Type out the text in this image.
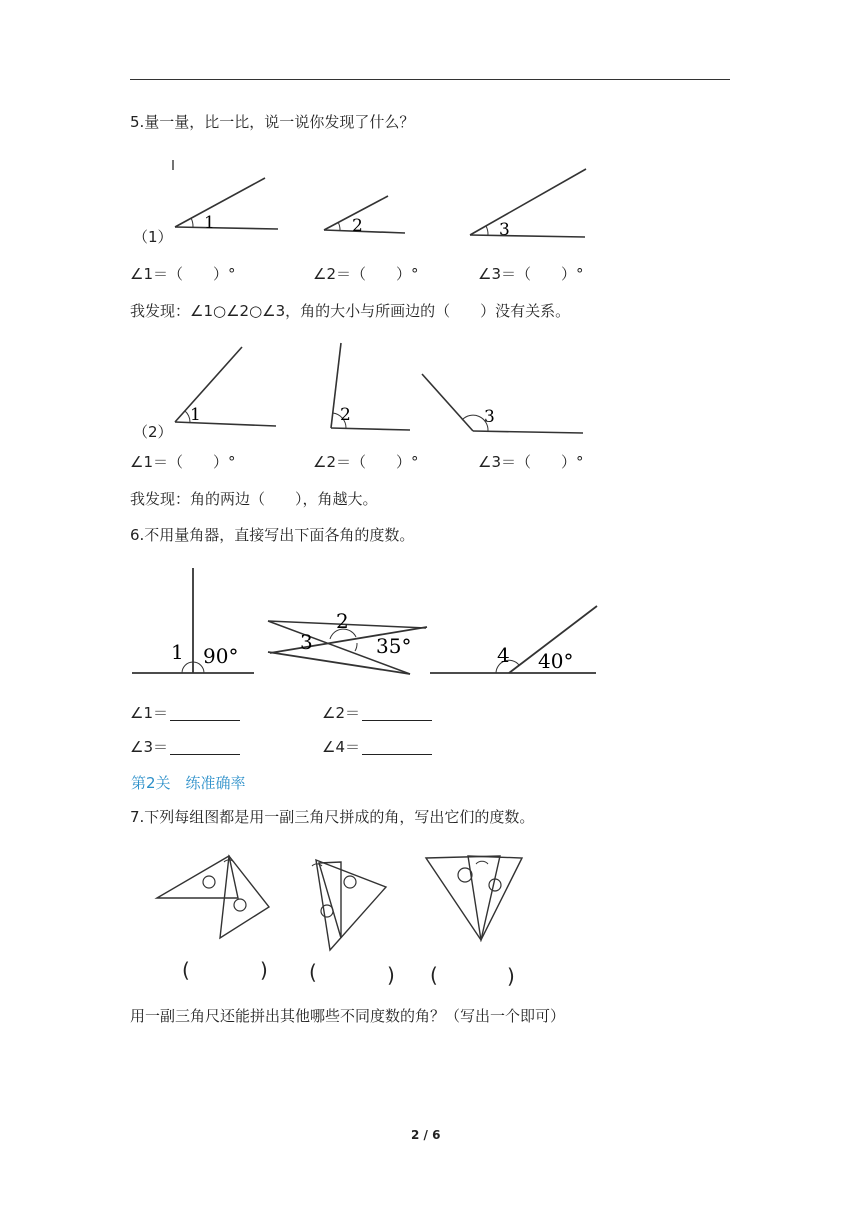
5.量一量，比一比，说一说你发现了什么？
1	2	3
（1）
∠1＝（　　）°	∠2＝（　　）°	∠3＝（　　）°
我发现：∠1○∠2○∠3，角的大小与所画边的（　　）没有关系。
1	2	3
（2）
∠1＝（　　）°	∠2＝（　　）°	∠3＝（　　）°
我发现：角的两边（　　），角越大。
6.不用量角器，直接写出下面各角的度数。
1 90°
2
3	35°	4 40°
∠1＝	∠2＝
∠3＝	∠4＝
第2关　练准确率
7.下列每组图都是用一副三角尺拼成的角，写出它们的度数。
(	) (	) (	)
用一副三角尺还能拼出其他哪些不同度数的角？（写出一个即可）
2 / 6
